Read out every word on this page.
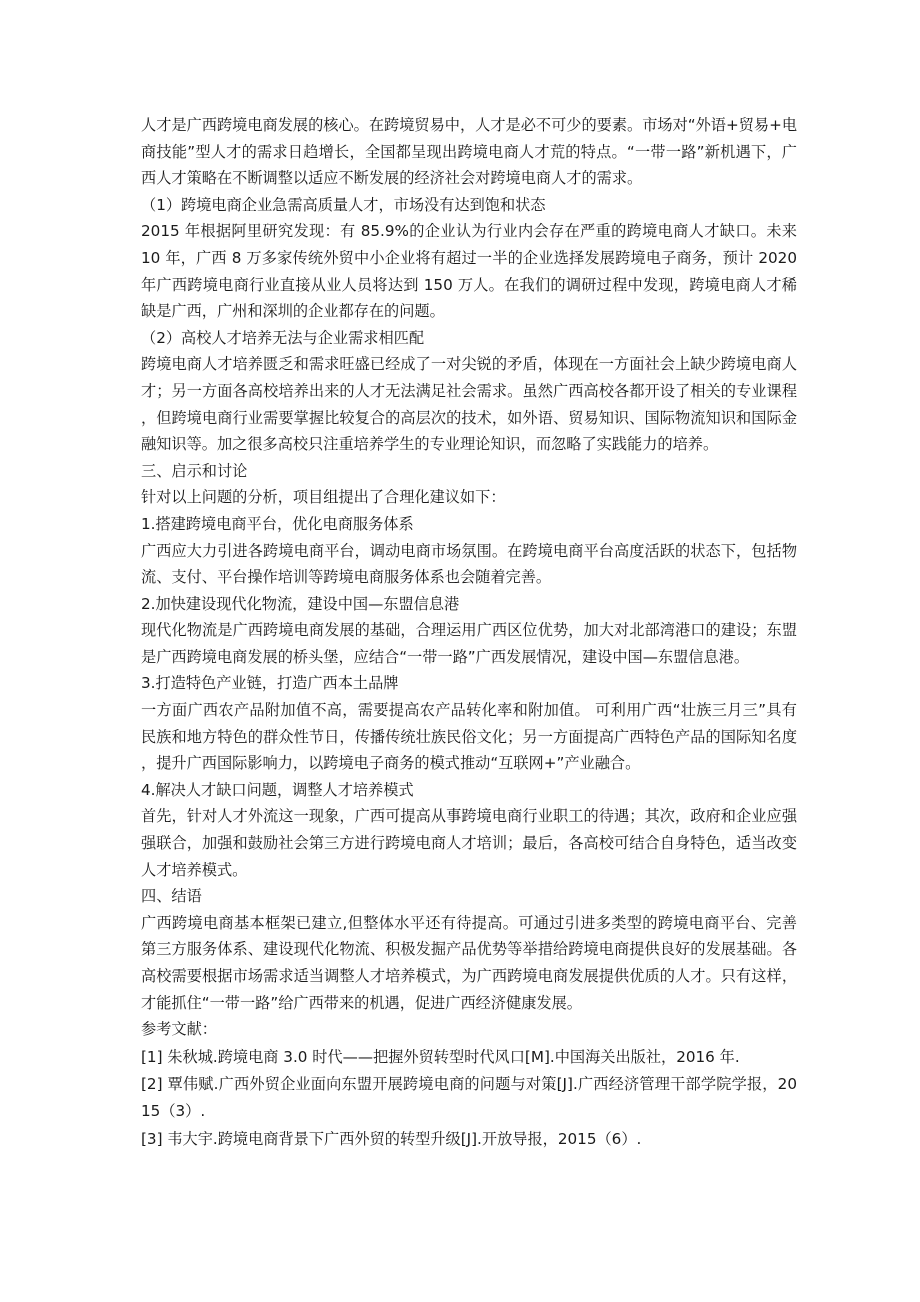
人才是广西跨境电商发展的核心。在跨境贸易中，人才是必不可少的要素。市场对“外语+贸易+电商技能”型人才的需求日趋增长，全国都呈现出跨境电商人才荒的特点。“一带一路”新机遇下，广西人才策略在不断调整以适应不断发展的经济社会对跨境电商人才的需求。

（1）跨境电商企业急需高质量人才，市场没有达到饱和状态

2015 年根据阿里研究发现：有 85.9%的企业认为行业内会存在严重的跨境电商人才缺口。未来 10 年，广西 8 万多家传统外贸中小企业将有超过一半的企业选择发展跨境电子商务，预计 2020 年广西跨境电商行业直接从业人员将达到 150 万人。在我们的调研过程中发现，跨境电商人才稀缺是广西，广州和深圳的企业都存在的问题。

（2）高校人才培养无法与企业需求相匹配

跨境电商人才培养匮乏和需求旺盛已经成了一对尖锐的矛盾，体现在一方面社会上缺少跨境电商人才；另一方面各高校培养出来的人才无法满足社会需求。虽然广西高校各都开设了相关的专业课程，但跨境电商行业需要掌握比较复合的高层次的技术，如外语、贸易知识、国际物流知识和国际金融知识等。加之很多高校只注重培养学生的专业理论知识，而忽略了实践能力的培养。

三、启示和讨论

针对以上问题的分析，项目组提出了合理化建议如下：

1.搭建跨境电商平台，优化电商服务体系

广西应大力引进各跨境电商平台，调动电商市场氛围。在跨境电商平台高度活跃的状态下，包括物流、支付、平台操作培训等跨境电商服务体系也会随着完善。

2.加快建设现代化物流，建设中国—东盟信息港

现代化物流是广西跨境电商发展的基础，合理运用广西区位优势，加大对北部湾港口的建设；东盟是广西跨境电商发展的桥头堡，应结合“一带一路”广西发展情况，建设中国—东盟信息港。

3.打造特色产业链，打造广西本土品牌

一方面广西农产品附加值不高，需要提高农产品转化率和附加值。 可利用广西“壮族三月三”具有民族和地方特色的群众性节日，传播传统壮族民俗文化；另一方面提高广西特色产品的国际知名度，提升广西国际影响力，以跨境电子商务的模式推动“互联网+”产业融合。

4.解决人才缺口问题，调整人才培养模式

首先，针对人才外流这一现象，广西可提高从事跨境电商行业职工的待遇；其次，政府和企业应强强联合，加强和鼓励社会第三方进行跨境电商人才培训；最后，各高校可结合自身特色，适当改变人才培养模式。

四、结语

广西跨境电商基本框架已建立,但整体水平还有待提高。可通过引进多类型的跨境电商平台、完善第三方服务体系、建设现代化物流、积极发掘产品优势等举措给跨境电商提供良好的发展基础。各高校需要根据市场需求适当调整人才培养模式，为广西跨境电商发展提供优质的人才。只有这样，才能抓住“一带一路”给广西带来的机遇，促进广西经济健康发展。

参考文献：

[1] 朱秋城.跨境电商 3.0 时代——把握外贸转型时代风口[M].中国海关出版社，2016 年.

[2] 覃伟赋.广西外贸企业面向东盟开展跨境电商的问题与对策[J].广西经济管理干部学院学报，2015（3）.

[3] 韦大宇.跨境电商背景下广西外贸的转型升级[J].开放导报，2015（6）.
